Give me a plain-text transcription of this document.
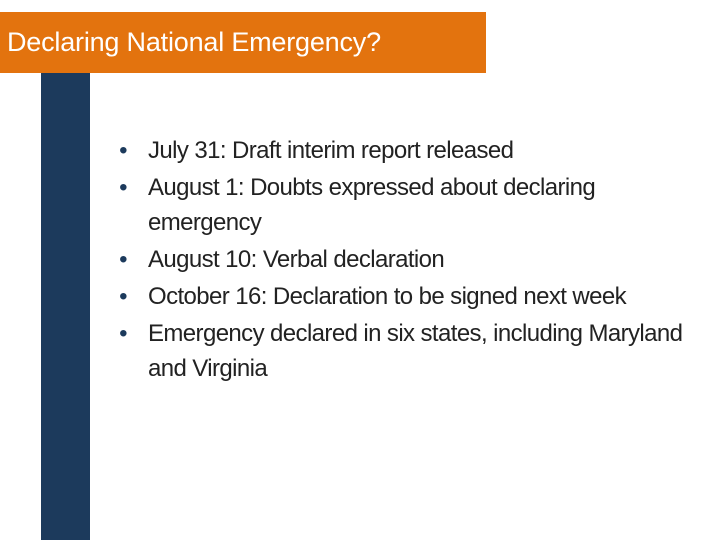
Declaring National Emergency?
• July 31: Draft interim report released
• August 1: Doubts expressed about declaring emergency
• August 10: Verbal declaration
• October 16: Declaration to be signed next week
• Emergency declared in six states, including Maryland and Virginia
